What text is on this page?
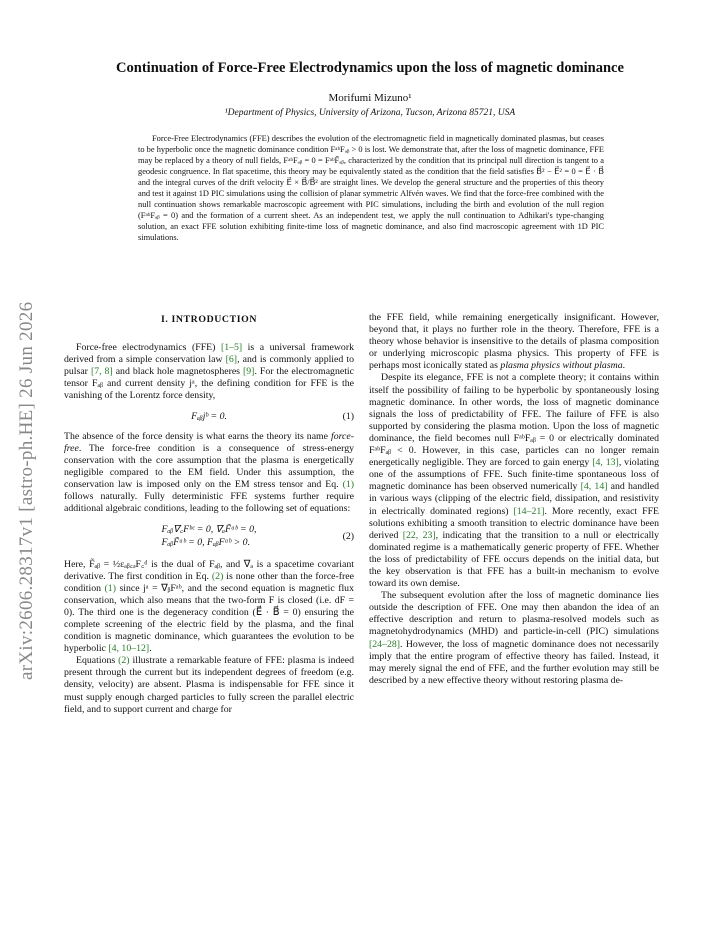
arXiv:2606.28317v1 [astro-ph.HE] 26 Jun 2026
Continuation of Force-Free Electrodynamics upon the loss of magnetic dominance
Morifumi Mizuno¹
¹Department of Physics, University of Arizona, Tucson, Arizona 85721, USA

Force-Free Electrodynamics (FFE) describes the evolution of the electromagnetic field in magnetically dominated plasmas, but ceases to be hyperbolic once the magnetic dominance condition FᵃᵇFₐᵦ > 0 is lost. We demonstrate that, after the loss of magnetic dominance, FFE may be replaced by a theory of null fields, FᵃᵇFₐᵦ = 0 = FᵃᵇF̃ₐᵦ, characterized by the condition that its principal null direction is tangent to a geodesic congruence. In flat spacetime, this theory may be equivalently stated as the condition that the field satisfies B⃗² − E⃗² = 0 = E⃗ · B⃗ and the integral curves of the drift velocity E⃗ × B⃗/B⃗² are straight lines. We develop the general structure and the properties of this theory and test it against 1D PIC simulations using the collision of planar symmetric Alfvén waves. We find that the force-free combined with the null continuation shows remarkable macroscopic agreement with PIC simulations, including the birth and evolution of the null region (FᵃᵇFₐᵦ = 0) and the formation of a current sheet. As an independent test, we apply the null continuation to Adhikari's type-changing solution, an exact FFE solution exhibiting finite-time loss of magnetic dominance, and also find macroscopic agreement with 1D PIC simulations.

I. INTRODUCTION

Force-free electrodynamics (FFE) [1–5] is a universal framework derived from a simple conservation law [6], and is commonly applied to pulsar [7, 8] and black hole magnetospheres [9]. For the electromagnetic tensor Fₐᵦ and current density jᵃ, the defining condition for FFE is the vanishing of the Lorentz force density,

Fₐᵦjᵇ = 0.	(1)

The absence of the force density is what earns the theory its name force-free. The force-free condition is a consequence of stress-energy conservation with the core assumption that the plasma is energetically negligible compared to the EM field. Under this assumption, the conservation law is imposed only on the EM stress tensor and Eq. (1) follows naturally. Fully deterministic FFE systems further require additional algebraic conditions, leading to the following set of equations:

Fₐᵦ∇꜀Fᵇᶜ = 0, ∇ₐF̃ᵃᵇ = 0,
FₐᵦF̃ᵃᵇ = 0, FₐᵦFᵃᵇ > 0.
(2)

Here, F̃ₐᵦ = ½εₐᵦ꜀ₔF꜀ᵈ is the dual of Fₐᵦ, and ∇ₐ is a spacetime covariant derivative. The first condition in Eq. (2) is none other than the force-free condition (1) since jᵃ = ∇ᵦFᵃᵇ, and the second equation is magnetic flux conservation, which also means that the two-form F is closed (i.e. dF = 0). The third one is the degeneracy condition (E⃗ · B⃗ = 0) ensuring the complete screening of the electric field by the plasma, and the final condition is magnetic dominance, which guarantees the evolution to be hyperbolic [4, 10–12].

Equations (2) illustrate a remarkable feature of FFE: plasma is indeed present through the current but its independent degrees of freedom (e.g. density, velocity) are absent. Plasma is indispensable for FFE since it must supply enough charged particles to fully screen the parallel electric field, and to support current and charge for

the FFE field, while remaining energetically insignificant. However, beyond that, it plays no further role in the theory. Therefore, FFE is a theory whose behavior is insensitive to the details of plasma composition or underlying microscopic plasma physics. This property of FFE is perhaps most iconically stated as plasma physics without plasma.

Despite its elegance, FFE is not a complete theory; it contains within itself the possibility of failing to be hyperbolic by spontaneously losing magnetic dominance. In other words, the loss of magnetic dominance signals the loss of predictability of FFE. The failure of FFE is also supported by considering the plasma motion. Upon the loss of magnetic dominance, the field becomes null FᵃᵇFₐᵦ = 0 or electrically dominated FᵃᵇFₐᵦ < 0. However, in this case, particles can no longer remain energetically negligible. They are forced to gain energy [4, 13], violating one of the assumptions of FFE. Such finite-time spontaneous loss of magnetic dominance has been observed numerically [4, 14] and handled in various ways (clipping of the electric field, dissipation, and resistivity in electrically dominated regions) [14–21]. More recently, exact FFE solutions exhibiting a smooth transition to electric dominance have been derived [22, 23], indicating that the transition to a null or electrically dominated regime is a mathematically generic property of FFE. Whether the loss of predictability of FFE occurs depends on the initial data, but the key observation is that FFE has a built-in mechanism to evolve toward its own demise.

The subsequent evolution after the loss of magnetic dominance lies outside the description of FFE. One may then abandon the idea of an effective description and return to plasma-resolved models such as magnetohydrodynamics (MHD) and particle-in-cell (PIC) simulations [24–28]. However, the loss of magnetic dominance does not necessarily imply that the entire program of effective theory has failed. Instead, it may merely signal the end of FFE, and the further evolution may still be described by a new effective theory without restoring plasma de-
